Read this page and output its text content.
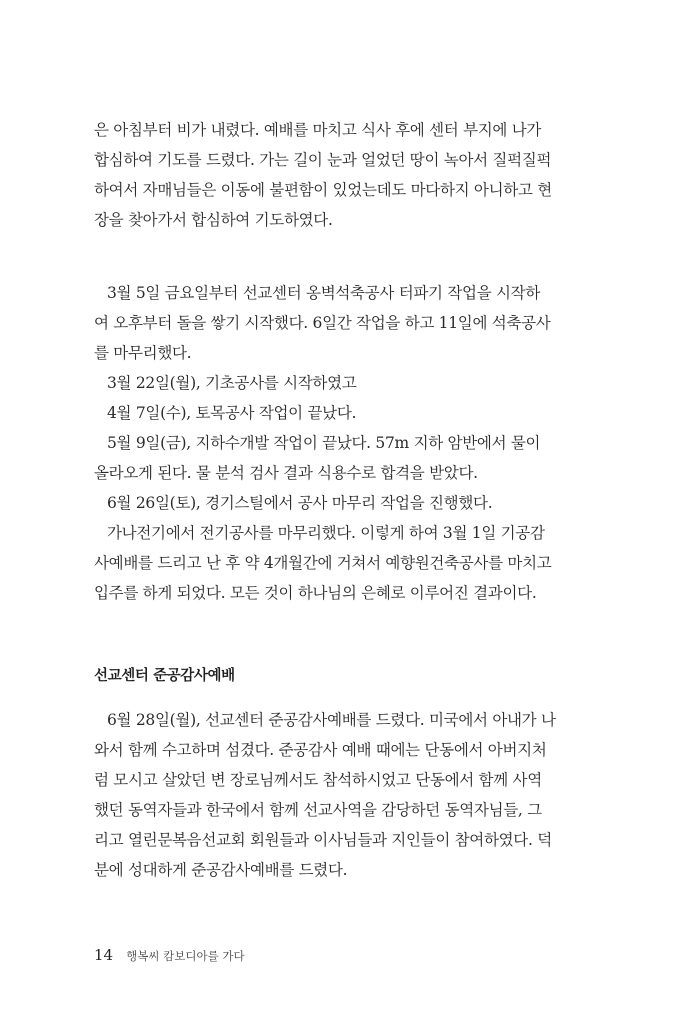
은 아침부터 비가 내렸다. 예배를 마치고 식사 후에 센터 부지에 나가
합심하여 기도를 드렸다. 가는 길이 눈과 얼었던 땅이 녹아서 질퍽질퍽
하여서 자매님들은 이동에 불편함이 있었는데도 마다하지 아니하고 현
장을 찾아가서 합심하여 기도하였다.
3월 5일 금요일부터 선교센터 옹벽석축공사 터파기 작업을 시작하
여 오후부터 돌을 쌓기 시작했다. 6일간 작업을 하고 11일에 석축공사
를 마무리했다.
3월 22일(월), 기초공사를 시작하였고
4월 7일(수), 토목공사 작업이 끝났다.
5월 9일(금), 지하수개발 작업이 끝났다. 57m 지하 암반에서 물이
올라오게 된다. 물 분석 검사 결과 식용수로 합격을 받았다.
6월 26일(토), 경기스틸에서 공사 마무리 작업을 진행했다.
가나전기에서 전기공사를 마무리했다. 이렇게 하여 3월 1일 기공감
사예배를 드리고 난 후 약 4개월간에 거쳐서 예향원건축공사를 마치고
입주를 하게 되었다. 모든 것이 하나님의 은혜로 이루어진 결과이다.
선교센터 준공감사예배
6월 28일(월), 선교센터 준공감사예배를 드렸다. 미국에서 아내가 나
와서 함께 수고하며 섬겼다. 준공감사 예배 때에는 단동에서 아버지처
럼 모시고 살았던 변 장로님께서도 참석하시었고 단동에서 함께 사역
했던 동역자들과 한국에서 함께 선교사역을 감당하던 동역자님들, 그
리고 열린문복음선교회 회원들과 이사님들과 지인들이 참여하였다. 덕
분에 성대하게 준공감사예배를 드렸다.
14 행복씨 캄보디아를 가다
